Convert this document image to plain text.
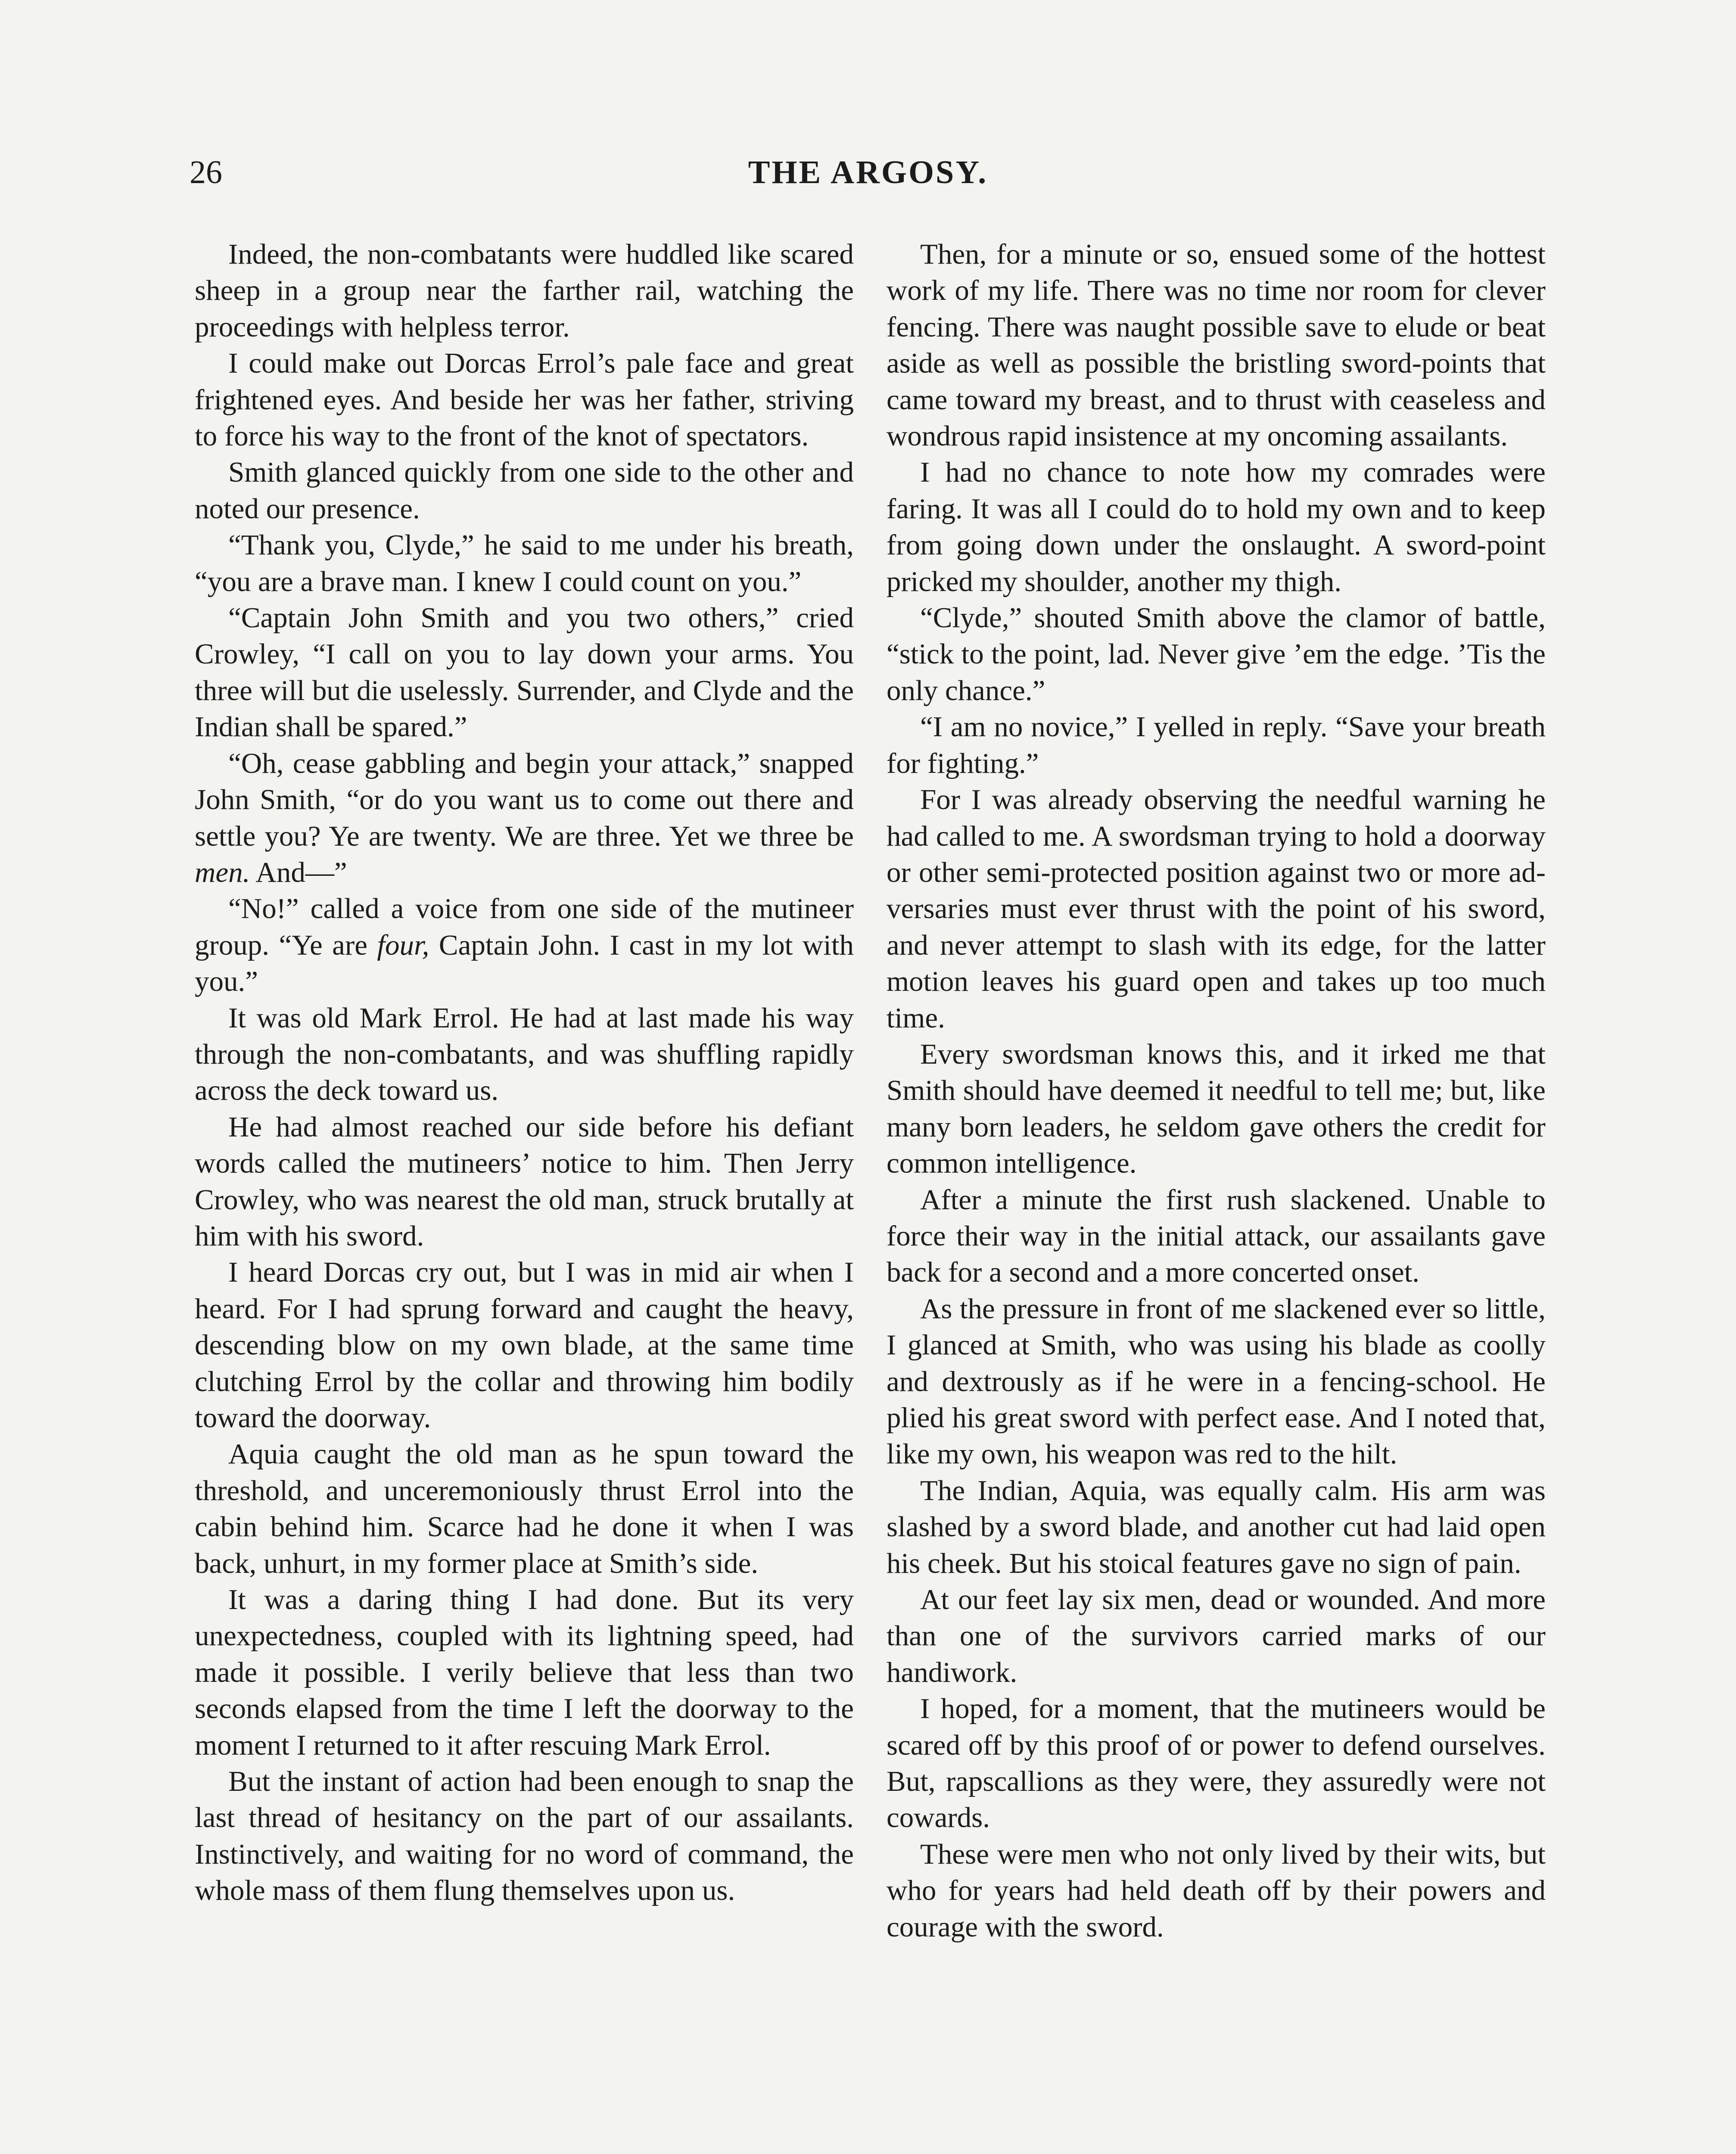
26	THE ARGOSY.

Indeed, the non-combatants were huddled like scared sheep in a group near the farther rail, watching the proceedings with helpless terror.

I could make out Dorcas Errol’s pale face and great frightened eyes. And beside her was her father, striving to force his way to the front of the knot of spectators.

Smith glanced quickly from one side to the other and noted our presence.

“Thank you, Clyde,” he said to me under his breath, “you are a brave man. I knew I could count on you.”

“Captain John Smith and you two others,” cried Crowley, “I call on you to lay down your arms. You three will but die uselessly. Surrender, and Clyde and the Indian shall be spared.”

“Oh, cease gabbling and begin your attack,” snapped John Smith, “or do you want us to come out there and settle you? Ye are twenty. We are three. Yet we three be men. And—”

“No!” called a voice from one side of the mutineer group. “Ye are four, Captain John. I cast in my lot with you.”

It was old Mark Errol. He had at last made his way through the non-combatants, and was shuffling rapidly across the deck toward us.

He had almost reached our side before his defiant words called the mutineers’ notice to him. Then Jerry Crowley, who was nearest the old man, struck brutally at him with his sword.

I heard Dorcas cry out, but I was in mid air when I heard. For I had sprung forward and caught the heavy, descending blow on my own blade, at the same time clutching Errol by the collar and throwing him bodily toward the doorway.

Aquia caught the old man as he spun toward the threshold, and unceremoniously thrust Errol into the cabin behind him. Scarce had he done it when I was back, unhurt, in my former place at Smith’s side.

It was a daring thing I had done. But its very unexpectedness, coupled with its lightning speed, had made it possible. I verily believe that less than two seconds elapsed from the time I left the doorway to the moment I returned to it after rescuing Mark Errol.

But the instant of action had been enough to snap the last thread of hesitancy on the part of our assailants. Instinctively, and waiting for no word of command, the whole mass of them flung themselves upon us.

Then, for a minute or so, ensued some of the hottest work of my life. There was no time nor room for clever fencing. There was naught possible save to elude or beat aside as well as possible the bristling sword-points that came toward my breast, and to thrust with ceaseless and wondrous rapid insistence at my oncoming assailants.

I had no chance to note how my comrades were faring. It was all I could do to hold my own and to keep from going down under the onslaught. A sword-point pricked my shoulder, another my thigh.

“Clyde,” shouted Smith above the clamor of battle, “stick to the point, lad. Never give ’em the edge. ’Tis the only chance.”

“I am no novice,” I yelled in reply. “Save your breath for fighting.”

For I was already observing the needful warning he had called to me. A swordsman trying to hold a doorway or other semi-protected position against two or more adversaries must ever thrust with the point of his sword, and never attempt to slash with its edge, for the latter motion leaves his guard open and takes up too much time.

Every swordsman knows this, and it irked me that Smith should have deemed it needful to tell me; but, like many born leaders, he seldom gave others the credit for common intelligence.

After a minute the first rush slackened. Unable to force their way in the initial attack, our assailants gave back for a second and a more concerted onset.

As the pressure in front of me slackened ever so little, I glanced at Smith, who was using his blade as coolly and dextrously as if he were in a fencing-school. He plied his great sword with perfect ease. And I noted that, like my own, his weapon was red to the hilt.

The Indian, Aquia, was equally calm. His arm was slashed by a sword blade, and another cut had laid open his cheek. But his stoical features gave no sign of pain.

At our feet lay six men, dead or wounded. And more than one of the survivors carried marks of our handiwork.

I hoped, for a moment, that the mutineers would be scared off by this proof of or power to defend ourselves. But, rapscallions as they were, they assuredly were not cowards.

These were men who not only lived by their wits, but who for years had held death off by their powers and courage with the sword.
